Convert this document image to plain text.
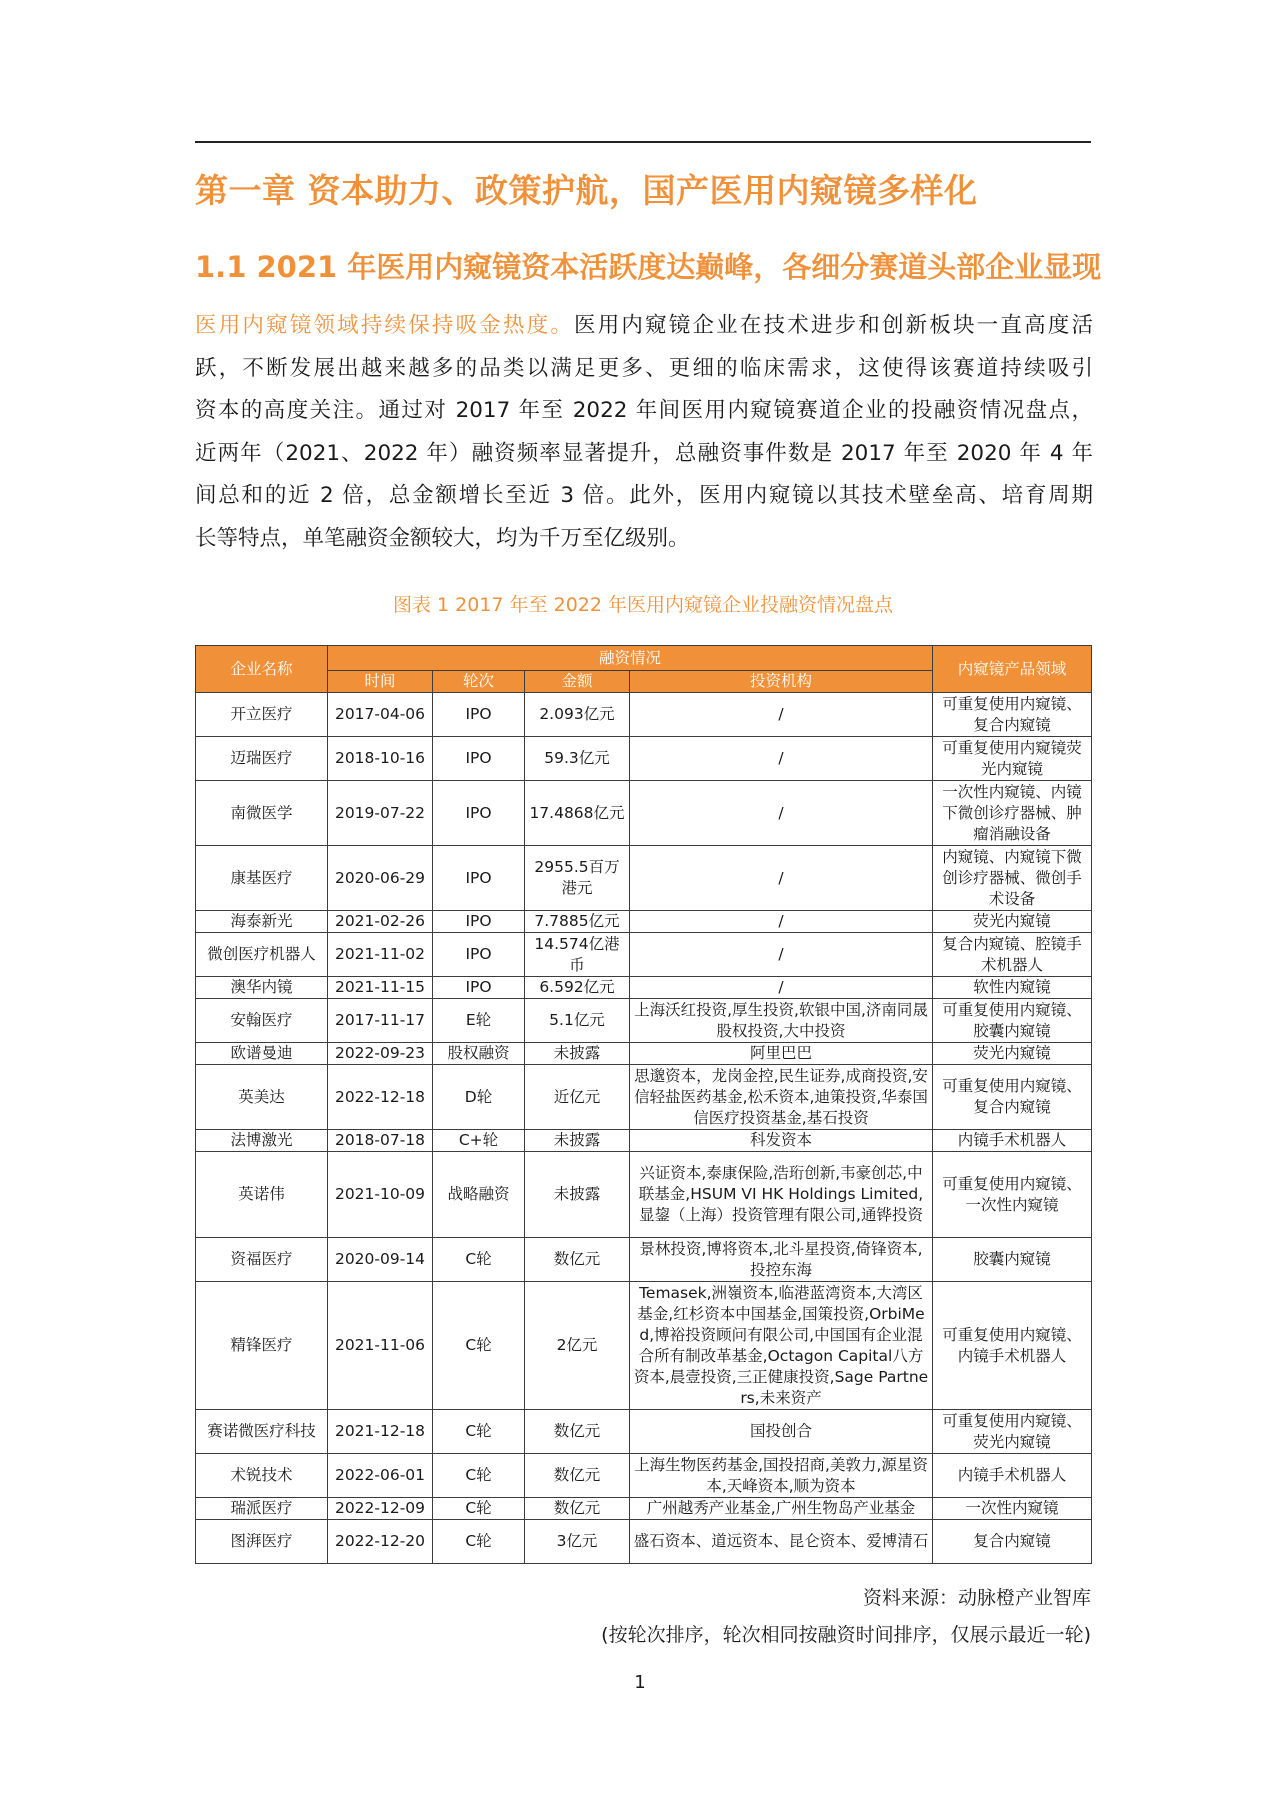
第一章 资本助力、政策护航，国产医用内窥镜多样化
1.1 2021 年医用内窥镜资本活跃度达巅峰，各细分赛道头部企业显现
医用内窥镜领域持续保持吸金热度。医用内窥镜企业在技术进步和创新板块一直高度活
跃，不断发展出越来越多的品类以满足更多、更细的临床需求，这使得该赛道持续吸引
资本的高度关注。通过对 2017 年至 2022 年间医用内窥镜赛道企业的投融资情况盘点，
近两年（2021、2022 年）融资频率显著提升，总融资事件数是 2017 年至 2020 年 4 年
间总和的近 2 倍，总金额增长至近 3 倍。此外，医用内窥镜以其技术壁垒高、培育周期
长等特点，单笔融资金额较大，均为千万至亿级别。
图表 1 2017 年至 2022 年医用内窥镜企业投融资情况盘点
企业名称	融资情况				内窥镜产品领域
	时间	轮次	金额	投资机构	
开立医疗	2017-04-06	IPO	2.093亿元	/	可重复使用内窥镜、复合内窥镜
迈瑞医疗	2018-10-16	IPO	59.3亿元	/	可重复使用内窥镜荧光内窥镜
南微医学	2019-07-22	IPO	17.4868亿元	/	一次性内窥镜、内镜下微创诊疗器械、肿瘤消融设备
康基医疗	2020-06-29	IPO	2955.5百万港元	/	内窥镜、内窥镜下微创诊疗器械、微创手术设备
海泰新光	2021-02-26	IPO	7.7885亿元	/	荧光内窥镜
微创医疗机器人	2021-11-02	IPO	14.574亿港币	/	复合内窥镜、腔镜手术机器人
澳华内镜	2021-11-15	IPO	6.592亿元	/	软性内窥镜
安翰医疗	2017-11-17	E轮	5.1亿元	上海沃红投资,厚生投资,软银中国,济南同晟股权投资,大中投资	可重复使用内窥镜、胶囊内窥镜
欧谱曼迪	2022-09-23	股权融资	未披露	阿里巴巴	荧光内窥镜
英美达	2022-12-18	D轮	近亿元	思邈资本，龙岗金控,民生证券,成商投资,安信轻盐医药基金,松禾资本,迪策投资,华泰国信医疗投资基金,基石投资	可重复使用内窥镜、复合内窥镜
法博激光	2018-07-18	C+轮	未披露	科发资本	内镜手术机器人
英诺伟	2021-10-09	战略融资	未披露	兴证资本,泰康保险,浩珩创新,韦豪创芯,中联基金,HSUM VI HK Holdings Limited,显鋆（上海）投资管理有限公司,通铧投资	可重复使用内窥镜、一次性内窥镜
资福医疗	2020-09-14	C轮	数亿元	景林投资,博将资本,北斗星投资,倚锋资本,投控东海	胶囊内窥镜
精锋医疗	2021-11-06	C轮	2亿元	Temasek,洲嶺资本,临港蓝湾资本,大湾区基金,红杉资本中国基金,国策投资,OrbiMed,博裕投资顾问有限公司,中国国有企业混合所有制改革基金,Octagon Capital八方资本,晨壹投资,三正健康投资,Sage Partners,未来资产	可重复使用内窥镜、内镜手术机器人
赛诺微医疗科技	2021-12-18	C轮	数亿元	国投创合	可重复使用内窥镜、荧光内窥镜
术锐技术	2022-06-01	C轮	数亿元	上海生物医药基金,国投招商,美敦力,源星资本,天峰资本,顺为资本	内镜手术机器人
瑞派医疗	2022-12-09	C轮	数亿元	广州越秀产业基金,广州生物岛产业基金	一次性内窥镜
图湃医疗	2022-12-20	C轮	3亿元	盛石资本、道远资本、昆仑资本、爱博清石	复合内窥镜
资料来源：动脉橙产业智库
(按轮次排序，轮次相同按融资时间排序，仅展示最近一轮)
1
